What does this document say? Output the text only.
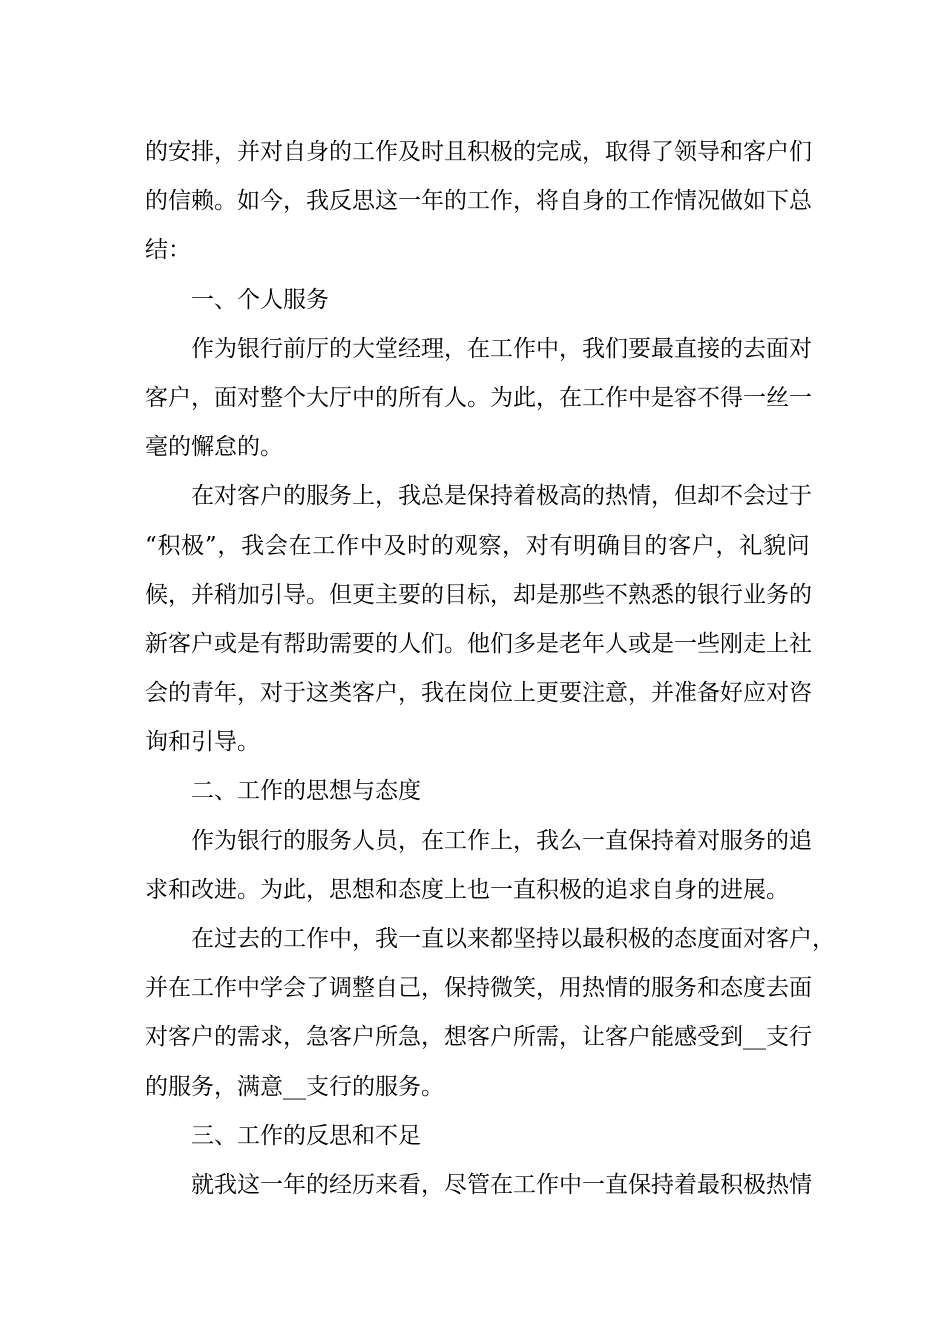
的 安 排 ， 并 对 自 身 的 工 作 及 时 且 积 极 的 完 成 ， 取 得 了 领 导 和 客 户 们
的 信 赖 。 如 今 ， 我 反 思 这 一 年 的 工 作 ， 将 自 身 的 工 作 情 况 做 如 下 总
结：
一、个人服务
作 为 银 行 前 厅 的 大 堂 经 理 ， 在 工 作 中 ， 我 们 要 最 直 接 的 去 面 对
客 户 ， 面 对 整 个 大 厅 中 的 所 有 人 。 为 此 ， 在 工 作 中 是 容 不 得 一 丝 一
毫的懈怠的。
在 对 客 户 的 服 务 上 ， 我 总 是 保 持 着 极 高 的 热 情 ， 但 却 不 会 过 于
“ 积 极 ” ， 我 会 在 工 作 中 及 时 的 观 察 ， 对 有 明 确 目 的 客 户 ， 礼 貌 问
候 ， 并 稍 加 引 导 。 但 更 主 要 的 目 标 ， 却 是 那 些 不 熟 悉 的 银 行 业 务 的
新 客 户 或 是 有 帮 助 需 要 的 人 们 。 他 们 多 是 老 年 人 或 是 一 些 刚 走 上 社
会 的 青 年 ， 对 于 这 类 客 户 ， 我 在 岗 位 上 更 要 注 意 ， 并 准 备 好 应 对 咨
询和引导。
二、工作的思想与态度
作 为 银 行 的 服 务 人 员 ， 在 工 作 上 ， 我 么 一 直 保 持 着 对 服 务 的 追
求和改进。为此，思想和态度上也一直积极的追求自身的进展。
在 过 去 的 工 作 中 ， 我 一 直 以 来 都 坚 持 以 最 积 极 的 态 度 面 对 客 户 ，
并 在 工 作 中 学 会 了 调 整 自 己 ， 保 持 微 笑 ， 用 热 情 的 服 务 和 态 度 去 面
对 客 户 的 需 求 ， 急 客 户 所 急 ， 想 客 户 所 需 ， 让 客 户 能 感 受 到 _ _ 支 行
的服务，满意__支行的服务。
三、工作的反思和不足
就 我 这 一 年 的 经 历 来 看 ， 尽 管 在 工 作 中 一 直 保 持 着 最 积 极 热 情
